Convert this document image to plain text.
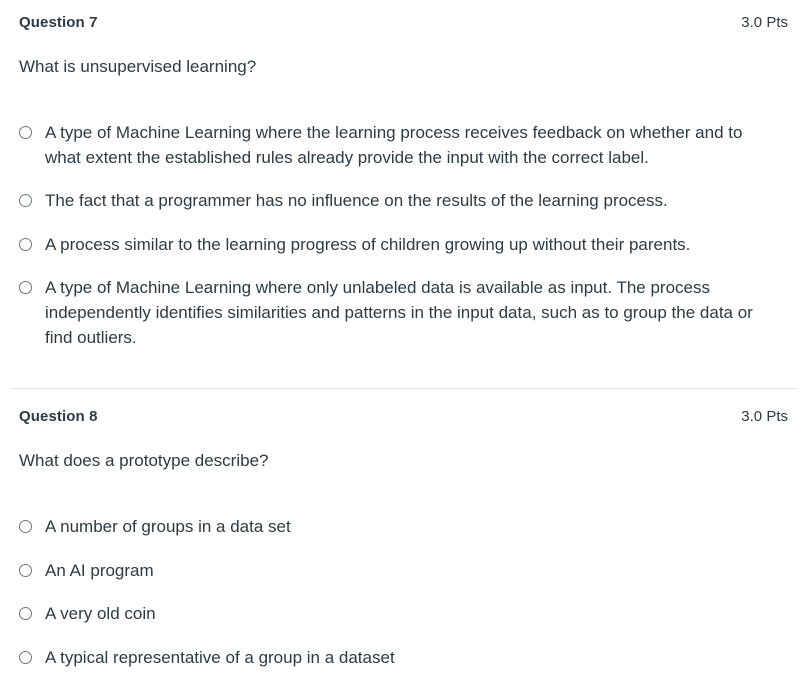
Question 7	3.0 Pts
What is unsupervised learning?
A type of Machine Learning where the learning process receives feedback on whether and to what extent the established rules already provide the input with the correct label.
The fact that a programmer has no influence on the results of the learning process.
A process similar to the learning progress of children growing up without their parents.
A type of Machine Learning where only unlabeled data is available as input. The process independently identifies similarities and patterns in the input data, such as to group the data or find outliers.
Question 8	3.0 Pts
What does a prototype describe?
A number of groups in a data set
An AI program
A very old coin
A typical representative of a group in a dataset
